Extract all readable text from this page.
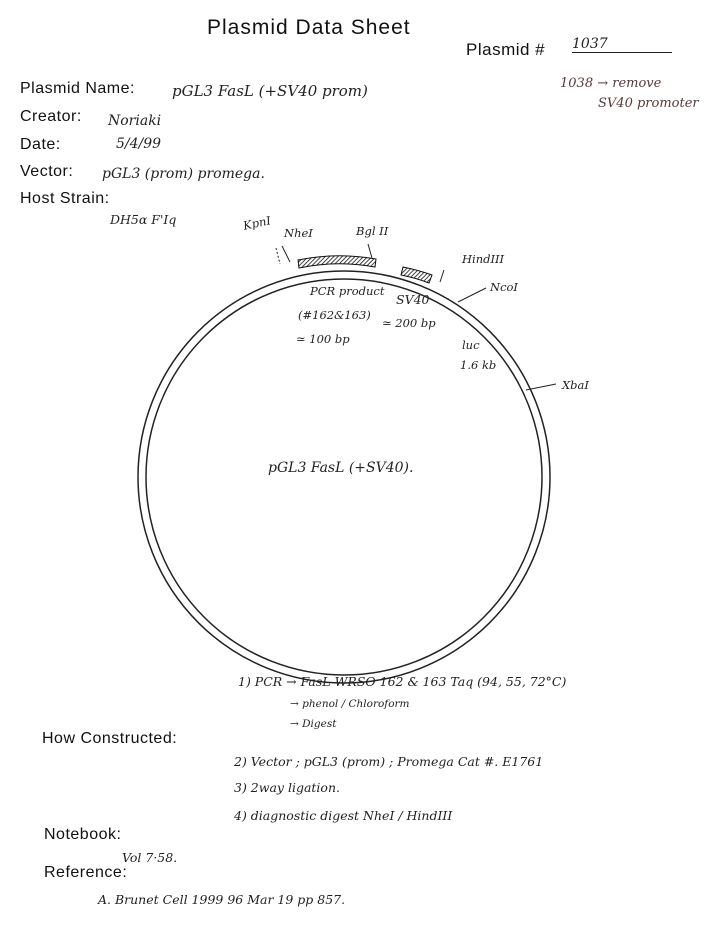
Plasmid Data Sheet
Plasmid # 1037
1038 → remove
SV40 promoter
Plasmid Name: pGL3 FasL (+SV40 prom)
Creator: Noriaki
Date:	5/4/99
Vector: pGL3 (prom) promega.
Host Strain:
DH5α F'Iq	KpnI
NheI	Bgl II
HindIII
NcoI
XbaI
PCR product
(#162&163)
≃ 100 bp
SV40
≃ 200 bp
luc
1.6 kb
pGL3 FasL (+SV40).
How Constructed:
1) PCR → FasL WRSO 162 & 163 Taq (94, 55, 72°C)
→ phenol / Chloroform
→ Digest
2) Vector ; pGL3 (prom) ; Promega Cat #. E1761
3) 2way ligation.
4) diagnostic digest NheI / HindIII
Notebook:
Vol 7·58.
Reference:
A. Brunet Cell 1999 96 Mar 19 pp 857.
